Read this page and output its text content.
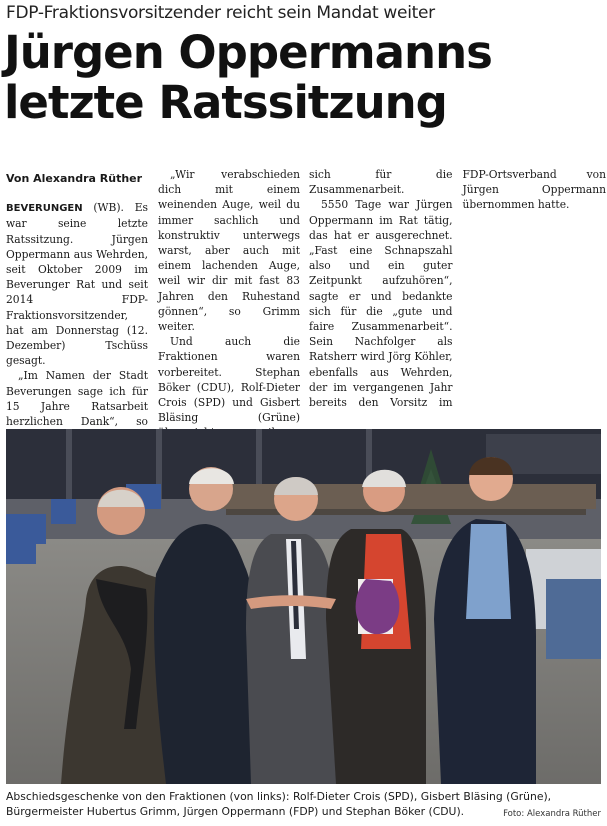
FDP-Fraktionsvorsitzender reicht sein Mandat weiter
Jürgen Oppermanns
letzte Ratssitzung

Von Alexandra Rüther

BEVERUNGEN (WB). Es war seine letzte Ratssitzung. Jürgen Oppermann aus Wehrden, seit Oktober 2009 im Beverunger Rat und seit 2014 FDP-Fraktionsvorsitzender, hat am Donnerstag (12. Dezember) Tschüss gesagt.

„Im Namen der Stadt Beverungen sage ich für 15 Jahre Ratsarbeit herzlichen Dank“, so

„Wir verabschieden dich mit einem weinenden Auge, weil du immer sachlich und konstruktiv unterwegs warst, aber auch mit einem lachenden Auge, weil wir dir mit fast 83 Jahren den Ruhestand gönnen“, so Grimm weiter.

Und auch die Fraktionen waren vorbereitet. Stephan Böker (CDU), Rolf-Dieter Crois (SPD) und Gisbert Bläsing (Grüne)

sich für die Zusammenarbeit.

5550 Tage war Jürgen Oppermann im Rat tätig, das hat er ausgerechnet. „Fast eine Schnapszahl also und ein guter Zeitpunkt aufzuhören“, sagte er und bedankte sich für die „gute und faire Zusammenarbeit“. Sein Nachfolger als Ratsherr wird Jörg Köhler, ebenfalls aus Wehrden, der im vergangenen Jahr bereits den Vorsitz im FDP-Ortsverband von Jürgen Oppermann übernommen hatte.

Abschiedsgeschenke von den Fraktionen (von links): Rolf-Dieter Crois (SPD), Gisbert Bläsing (Grüne), Bürgermeister Hubertus Grimm, Jürgen Oppermann (FDP) und Stephan Böker (CDU).	Foto: Alexandra Rüther
